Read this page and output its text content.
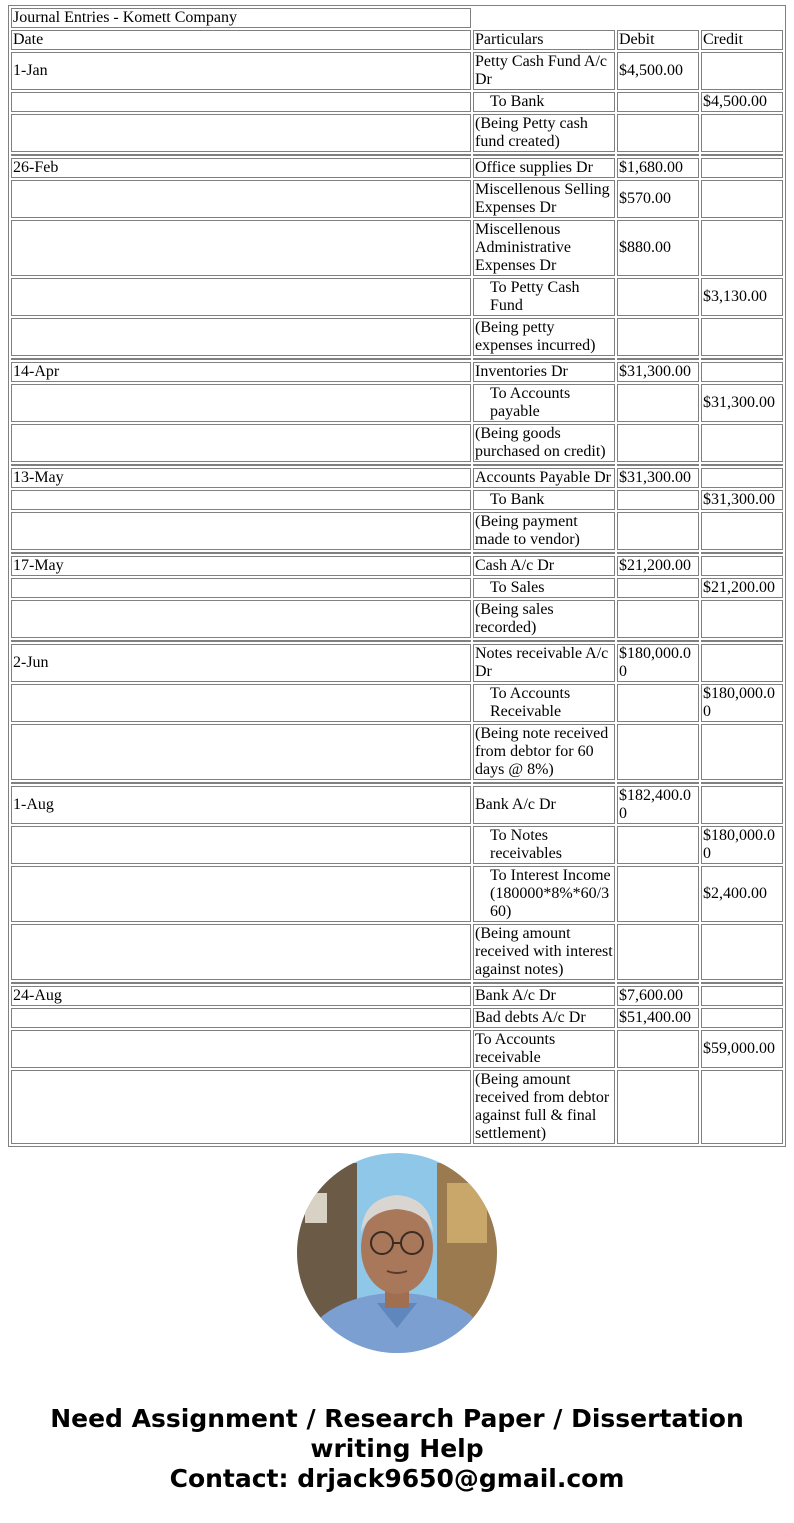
Journal Entries - Komett Company			
Date	Particulars	Debit	Credit
1-Jan	Petty Cash Fund A/c Dr	$4,500.00	
	To Bank		$4,500.00
	(Being Petty cash fund created)		

26-Feb	Office supplies Dr	$1,680.00	
	Miscellenous Selling Expenses Dr	$570.00	
	Miscellenous Administrative Expenses Dr	$880.00	
	To Petty Cash Fund		$3,130.00
	(Being petty expenses incurred)		

14-Apr	Inventories Dr	$31,300.00	
	To Accounts payable		$31,300.00
	(Being goods purchased on credit)		

13-May	Accounts Payable Dr	$31,300.00	
	To Bank		$31,300.00
	(Being payment made to vendor)		

17-May	Cash A/c Dr	$21,200.00	
	To Sales		$21,200.00
	(Being sales recorded)		

2-Jun	Notes receivable A/c Dr	$180,000.00	
	To Accounts Receivable		$180,000.00
	(Being note received from debtor for 60 days @ 8%)		

1-Aug	Bank A/c Dr	$182,400.00	
	To Notes receivables		$180,000.00
	To Interest Income (180000*8%*60/360)		$2,400.00
	(Being amount received with interest against notes)		

24-Aug	Bank A/c Dr	$7,600.00	
	Bad debts A/c Dr	$51,400.00	
	To Accounts receivable		$59,000.00
	(Being amount received from debtor against full & final settlement)		
Need Assignment / Research Paper / Dissertation
writing Help
Contact: drjack9650@gmail.com
